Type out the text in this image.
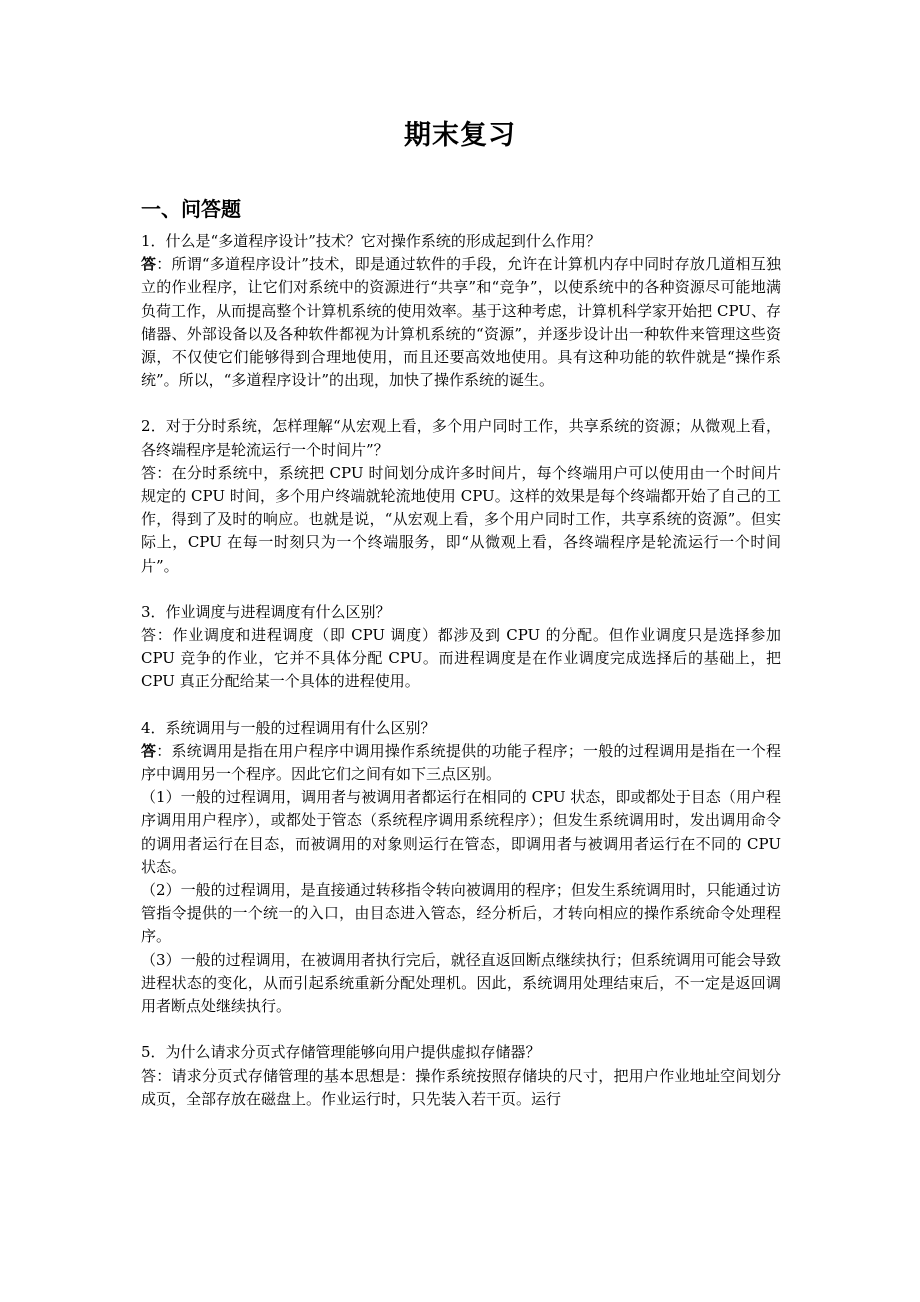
期末复习
一、问答题

1．什么是“多道程序设计”技术？它对操作系统的形成起到什么作用？

答：所谓“多道程序设计”技术，即是通过软件的手段，允许在计算机内存中同时存放几道相互独立的作业程序，让它们对系统中的资源进行“共享”和“竞争”，以使系统中的各种资源尽可能地满负荷工作，从而提高整个计算机系统的使用效率。基于这种考虑，计算机科学家开始把 CPU、存储器、外部设备以及各种软件都视为计算机系统的“资源”，并逐步设计出一种软件来管理这些资源，不仅使它们能够得到合理地使用，而且还要高效地使用。具有这种功能的软件就是“操作系统”。所以，“多道程序设计”的出现，加快了操作系统的诞生。

2．对于分时系统，怎样理解“从宏观上看，多个用户同时工作，共享系统的资源；从微观上看，各终端程序是轮流运行一个时间片”？

答：在分时系统中，系统把 CPU 时间划分成许多时间片，每个终端用户可以使用由一个时间片规定的 CPU 时间，多个用户终端就轮流地使用 CPU。这样的效果是每个终端都开始了自己的工作，得到了及时的响应。也就是说，“从宏观上看，多个用户同时工作，共享系统的资源”。但实际上，CPU 在每一时刻只为一个终端服务，即“从微观上看，各终端程序是轮流运行一个时间片”。

3．作业调度与进程调度有什么区别？

答：作业调度和进程调度（即 CPU 调度）都涉及到 CPU 的分配。但作业调度只是选择参加 CPU 竞争的作业，它并不具体分配 CPU。而进程调度是在作业调度完成选择后的基础上，把 CPU 真正分配给某一个具体的进程使用。

4．系统调用与一般的过程调用有什么区别？

答：系统调用是指在用户程序中调用操作系统提供的功能子程序；一般的过程调用是指在一个程序中调用另一个程序。因此它们之间有如下三点区别。

（1）一般的过程调用，调用者与被调用者都运行在相同的 CPU 状态，即或都处于目态（用户程序调用用户程序），或都处于管态（系统程序调用系统程序）；但发生系统调用时，发出调用命令的调用者运行在目态，而被调用的对象则运行在管态，即调用者与被调用者运行在不同的 CPU 状态。

（2）一般的过程调用，是直接通过转移指令转向被调用的程序；但发生系统调用时，只能通过访管指令提供的一个统一的入口，由目态进入管态，经分析后，才转向相应的操作系统命令处理程序。

（3）一般的过程调用，在被调用者执行完后，就径直返回断点继续执行；但系统调用可能会导致进程状态的变化，从而引起系统重新分配处理机。因此，系统调用处理结束后，不一定是返回调用者断点处继续执行。

5．为什么请求分页式存储管理能够向用户提供虚拟存储器？

答：请求分页式存储管理的基本思想是：操作系统按照存储块的尺寸，把用户作业地址空间划分成页，全部存放在磁盘上。作业运行时，只先装入若干页。运行
